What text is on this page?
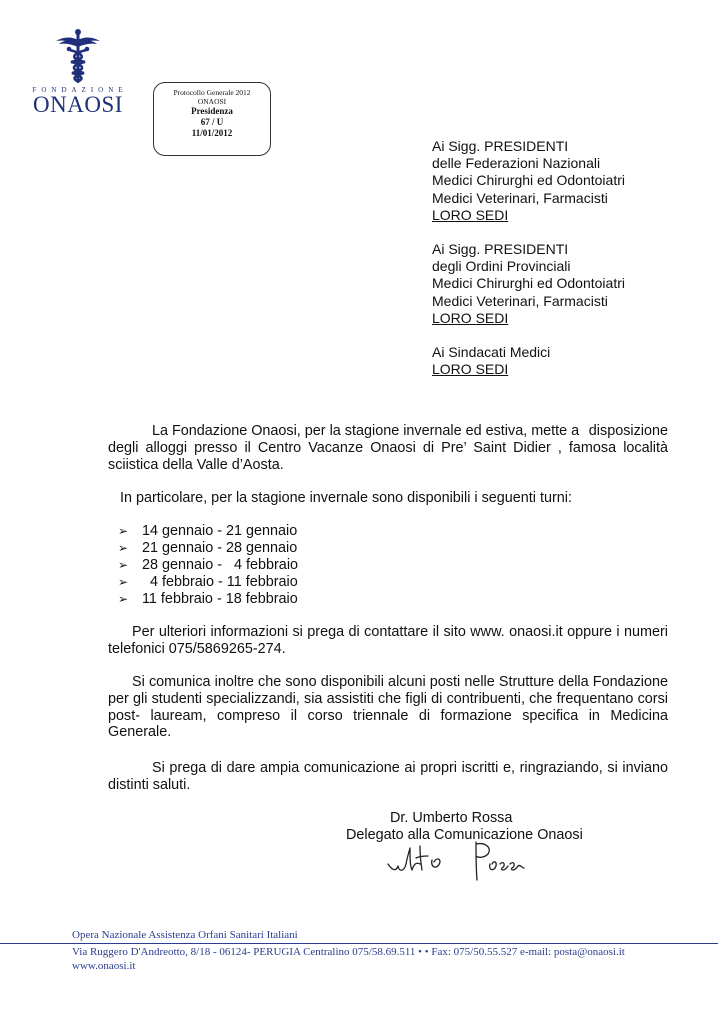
FONDAZIONE
ONAOSI	Protocollo Generale 2012
ONAOSI
Presidenza
67 / U
11/01/2012
Ai Sigg. PRESIDENTI
delle Federazioni Nazionali
Medici Chirurghi ed Odontoiatri
Medici Veterinari, Farmacisti
LORO SEDI
Ai Sigg. PRESIDENTI
degli Ordini Provinciali
Medici Chirurghi ed Odontoiatri
Medici Veterinari, Farmacisti
LORO SEDI
Ai Sindacati Medici
LORO SEDI
La Fondazione Onaosi, per la stagione invernale ed estiva, mette a disposizione degli alloggi presso il Centro Vacanze Onaosi di Pre’ Saint Didier , famosa località sciistica della Valle d’Aosta.
In particolare, per la stagione invernale sono disponibili i seguenti turni:
➢ 14 gennaio - 21 gennaio
➢ 21 gennaio - 28 gennaio
➢ 28 gennaio -   4 febbraio
➢ 4 febbraio - 11 febbraio
➢ 11 febbraio - 18 febbraio
Per ulteriori informazioni si prega di contattare il sito www. onaosi.it oppure i numeri telefonici 075/5869265-274.
Si comunica inoltre che sono disponibili alcuni posti nelle Strutture della Fondazione per gli studenti specializzandi, sia assistiti che figli di contribuenti, che frequentano corsi post- lauream, compreso il corso triennale di formazione specifica in Medicina Generale.
Si prega di dare ampia comunicazione ai propri iscritti e, ringraziando, si inviano distinti saluti.
Dr. Umberto Rossa
Delegato alla Comunicazione Onaosi
Opera Nazionale Assistenza Orfani Sanitari Italiani
Via Ruggero D'Andreotto, 8/18 - 06124- PERUGIA Centralino 075/58.69.511 • • Fax: 075/50.55.527 e-mail: posta@onaosi.it
www.onaosi.it
